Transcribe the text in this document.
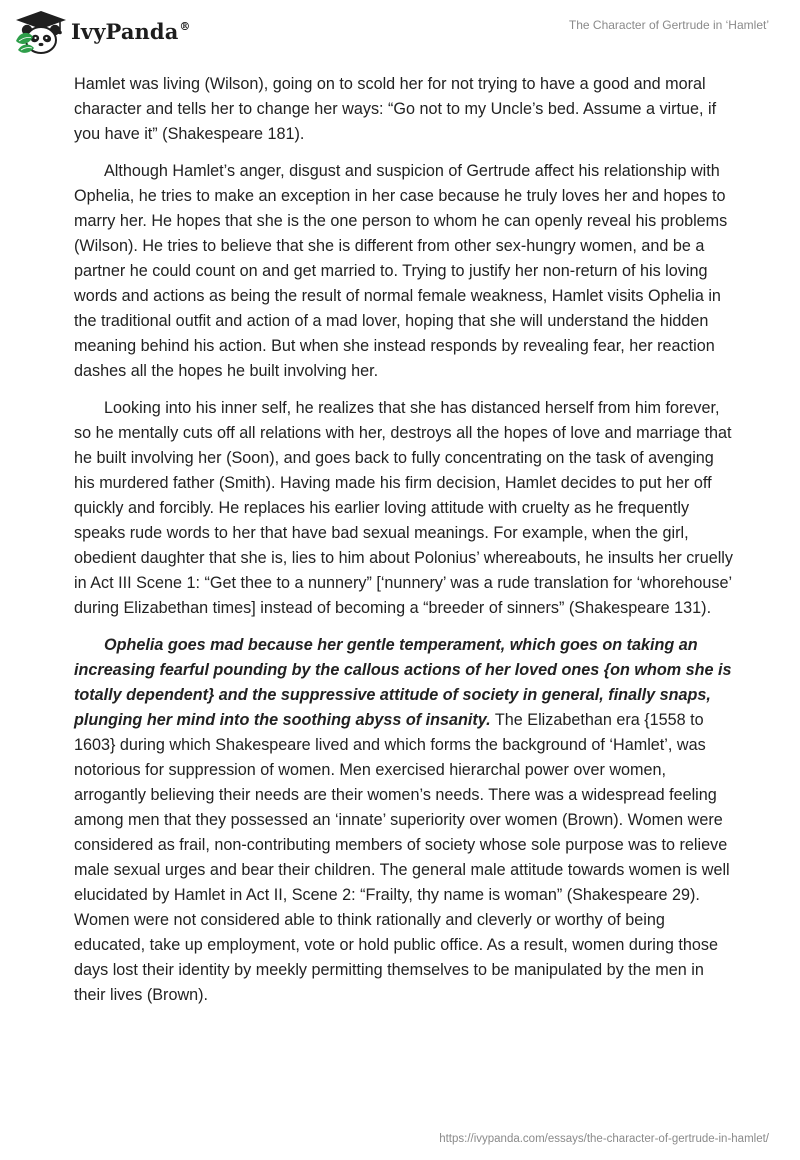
IvyPanda®	The Character of Gertrude in ‘Hamlet’

Hamlet was living (Wilson), going on to scold her for not trying to have a good and moral character and tells her to change her ways: “Go not to my Uncle’s bed. Assume a virtue, if you have it” (Shakespeare 181).

Although Hamlet’s anger, disgust and suspicion of Gertrude affect his relationship with Ophelia, he tries to make an exception in her case because he truly loves her and hopes to marry her. He hopes that she is the one person to whom he can openly reveal his problems (Wilson). He tries to believe that she is different from other sex-hungry women, and be a partner he could count on and get married to. Trying to justify her non-return of his loving words and actions as being the result of normal female weakness, Hamlet visits Ophelia in the traditional outfit and action of a mad lover, hoping that she will understand the hidden meaning behind his action. But when she instead responds by revealing fear, her reaction dashes all the hopes he built involving her.

Looking into his inner self, he realizes that she has distanced herself from him forever, so he mentally cuts off all relations with her, destroys all the hopes of love and marriage that he built involving her (Soon), and goes back to fully concentrating on the task of avenging his murdered father (Smith). Having made his firm decision, Hamlet decides to put her off quickly and forcibly. He replaces his earlier loving attitude with cruelty as he frequently speaks rude words to her that have bad sexual meanings. For example, when the girl, obedient daughter that she is, lies to him about Polonius’ whereabouts, he insults her cruelly in Act III Scene 1: “Get thee to a nunnery” [‘nunnery’ was a rude translation for ‘whorehouse’ during Elizabethan times] instead of becoming a “breeder of sinners” (Shakespeare 131).

Ophelia goes mad because her gentle temperament, which goes on taking an increasing fearful pounding by the callous actions of her loved ones {on whom she is totally dependent} and the suppressive attitude of society in general, finally snaps, plunging her mind into the soothing abyss of insanity. The Elizabethan era {1558 to 1603} during which Shakespeare lived and which forms the background of ‘Hamlet’, was notorious for suppression of women. Men exercised hierarchal power over women, arrogantly believing their needs are their women’s needs. There was a widespread feeling among men that they possessed an ‘innate’ superiority over women (Brown). Women were considered as frail, non-contributing members of society whose sole purpose was to relieve male sexual urges and bear their children. The general male attitude towards women is well elucidated by Hamlet in Act II, Scene 2: “Frailty, thy name is woman” (Shakespeare 29). Women were not considered able to think rationally and cleverly or worthy of being educated, take up employment, vote or hold public office. As a result, women during those days lost their identity by meekly permitting themselves to be manipulated by the men in their lives (Brown).

https://ivypanda.com/essays/the-character-of-gertrude-in-hamlet/
